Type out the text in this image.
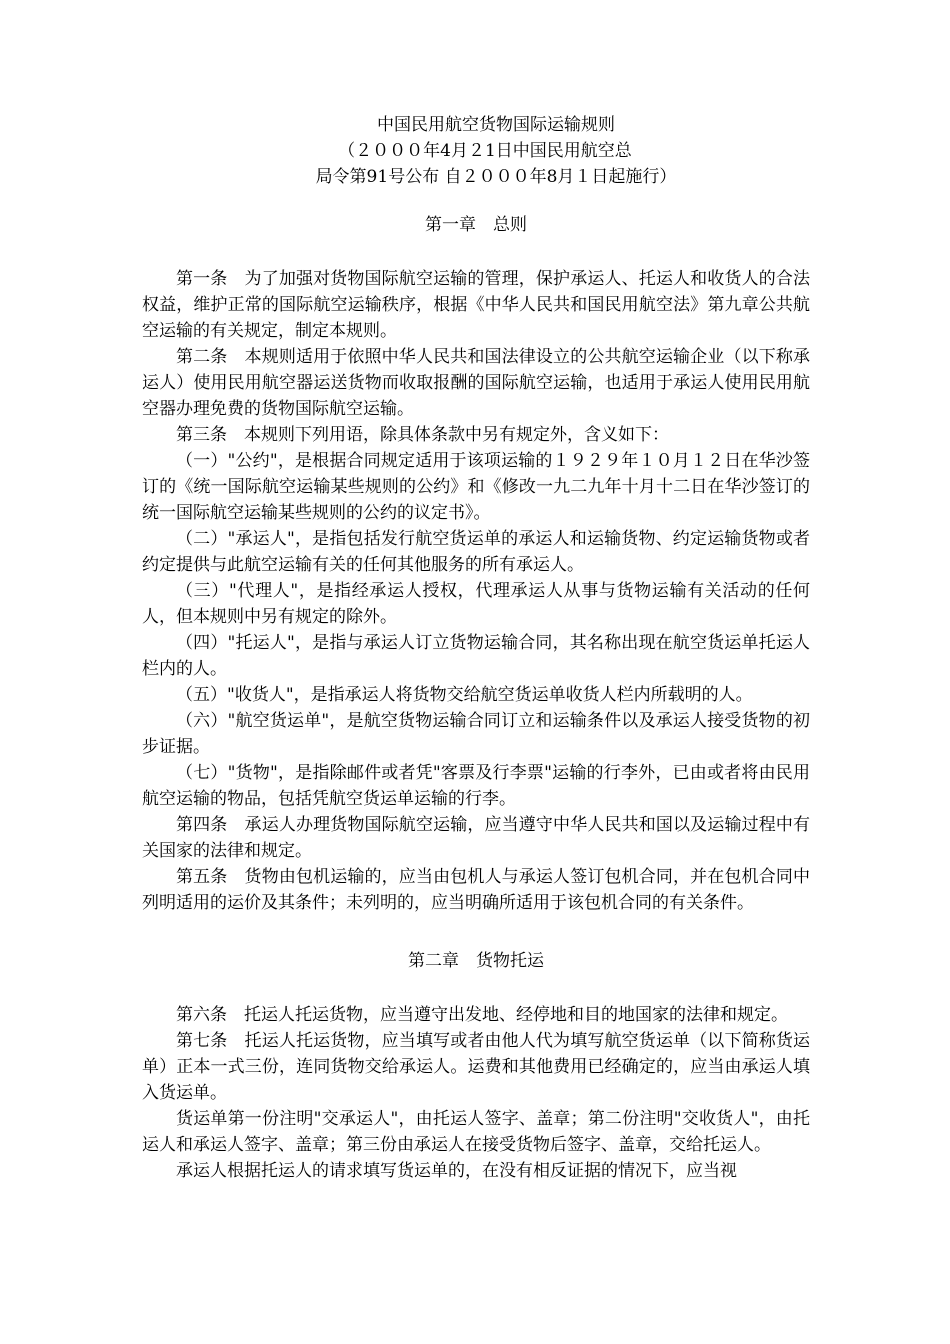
中国民用航空货物国际运输规则
（２０００年4月２1日中国民用航空总
局令第91号公布 自２０００年8月１日起施行）
第一章　总则

第一条　为了加强对货物国际航空运输的管理，保护承运人、托运人和收货人的合法权益，维护正常的国际航空运输秩序，根据《中华人民共和国民用航空法》第九章公共航空运输的有关规定，制定本规则。

第二条　本规则适用于依照中华人民共和国法律设立的公共航空运输企业（以下称承运人）使用民用航空器运送货物而收取报酬的国际航空运输，也适用于承运人使用民用航空器办理免费的货物国际航空运输。

第三条　本规则下列用语，除具体条款中另有规定外，含义如下：

（一）"公约"，是根据合同规定适用于该项运输的１９２９年１０月１２日在华沙签订的《统一国际航空运输某些规则的公约》和《修改一九二九年十月十二日在华沙签订的统一国际航空运输某些规则的公约的议定书》。

（二）"承运人"，是指包括发行航空货运单的承运人和运输货物、约定运输货物或者约定提供与此航空运输有关的任何其他服务的所有承运人。

（三）"代理人"，是指经承运人授权，代理承运人从事与货物运输有关活动的任何人，但本规则中另有规定的除外。

（四）"托运人"，是指与承运人订立货物运输合同，其名称出现在航空货运单托运人栏内的人。

（五）"收货人"，是指承运人将货物交给航空货运单收货人栏内所载明的人。

（六）"航空货运单"，是航空货物运输合同订立和运输条件以及承运人接受货物的初步证据。

（七）"货物"，是指除邮件或者凭"客票及行李票"运输的行李外，已由或者将由民用航空运输的物品，包括凭航空货运单运输的行李。

第四条　承运人办理货物国际航空运输，应当遵守中华人民共和国以及运输过程中有关国家的法律和规定。

第五条　货物由包机运输的，应当由包机人与承运人签订包机合同，并在包机合同中列明适用的运价及其条件；未列明的，应当明确所适用于该包机合同的有关条件。

第二章　货物托运

第六条　托运人托运货物，应当遵守出发地、经停地和目的地国家的法律和规定。

第七条　托运人托运货物，应当填写或者由他人代为填写航空货运单（以下简称货运单）正本一式三份，连同货物交给承运人。运费和其他费用已经确定的，应当由承运人填入货运单。

货运单第一份注明"交承运人"，由托运人签字、盖章；第二份注明"交收货人"，由托运人和承运人签字、盖章；第三份由承运人在接受货物后签字、盖章，交给托运人。

承运人根据托运人的请求填写货运单的，在没有相反证据的情况下，应当视
